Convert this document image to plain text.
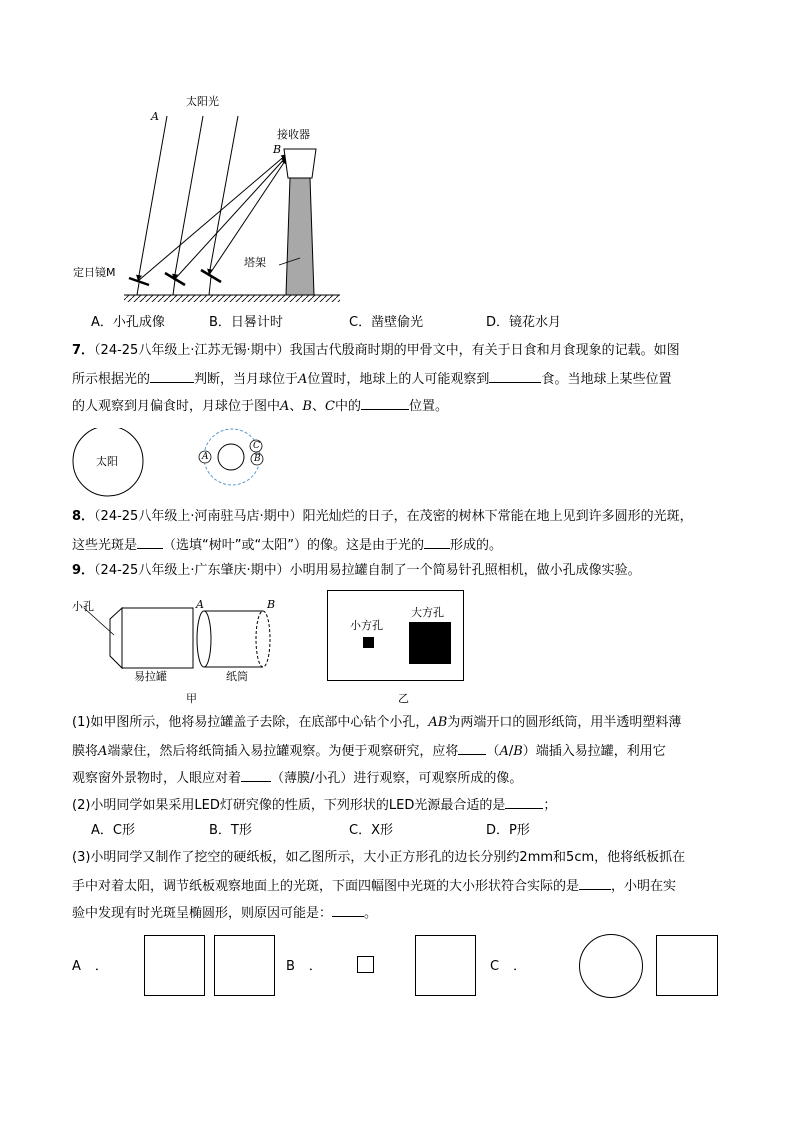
太阳光
A
接收器
B
定日镜M
塔架
A．小孔成像	B．日晷计时	C．凿壁偷光	D．镜花水月
7．（24-25八年级上·江苏无锡·期中）我国古代殷商时期的甲骨文中，有关于日食和月食现象的记载。如图
所示根据光的	判断，当月球位于A位置时，地球上的人可能观察到	食。当地球上某些位置
的人观察到月偏食时，月球位于图中A、B、C中的	位置。
太阳	A
C
B
8．（24-25八年级上·河南驻马店·期中）阳光灿烂的日子，在茂密的树林下常能在地上见到许多圆形的光斑，
这些光斑是 （选填“树叶”或“太阳”）的像。这是由于光的 形成的。
9．（24-25八年级上·广东肇庆·期中）小明用易拉罐自制了一个简易针孔照相机，做小孔成像实验。
小孔
易拉罐
A	B
纸筒
甲
小方孔
大方孔
乙
(1)如甲图所示，他将易拉罐盖子去除，在底部中心钻个小孔，AB为两端开口的圆形纸筒，用半透明塑料薄
膜将A端蒙住，然后将纸筒插入易拉罐观察。为便于观察研究，应将 （A/B）端插入易拉罐，利用它
观察窗外景物时，人眼应对着 （薄膜/小孔）进行观察，可观察所成的像。
(2)小明同学如果采用LED灯研究像的性质，下列形状的LED光源最合适的是	；
A．C形	B．T形	C．X形	D．P形
(3)小明同学又制作了挖空的硬纸板，如乙图所示，大小正方形孔的边长分别约2mm和5cm，他将纸板抓在
手中对着太阳，调节纸板观察地面上的光斑，下面四幅图中光斑的大小形状符合实际的是 ，小明在实
验中发现有时光斑呈椭圆形，则原因可能是： 。
A ．	B ．	C ．
